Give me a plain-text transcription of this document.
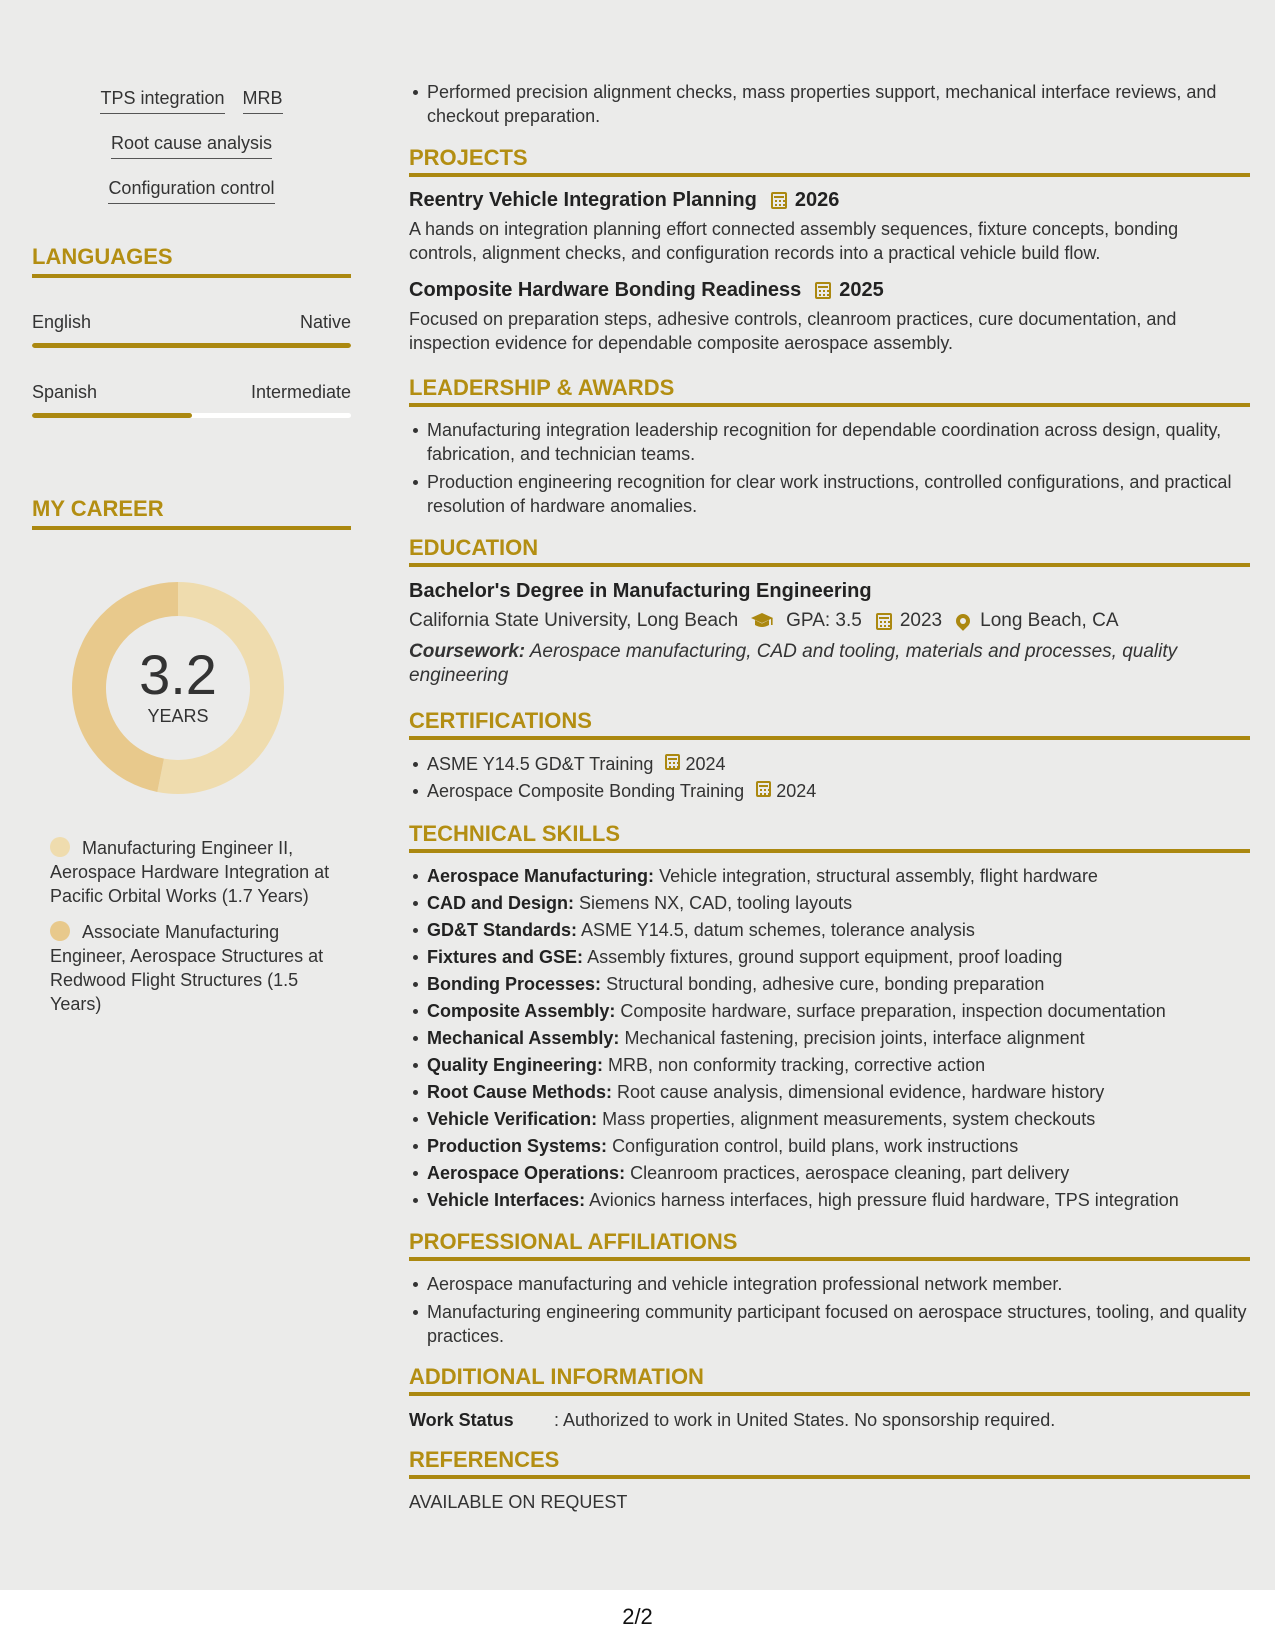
TPS integration MRB
Root cause analysis
Configuration control
LANGUAGES
English	Native
Spanish	Intermediate
MY CAREER
3.2
YEARS
Manufacturing Engineer II, Aerospace Hardware Integration at Pacific Orbital Works (1.7 Years)
Associate Manufacturing Engineer, Aerospace Structures at Redwood Flight Structures (1.5 Years)
Performed precision alignment checks, mass properties support, mechanical interface reviews, and checkout preparation.
PROJECTS
Reentry Vehicle Integration Planning 2026
A hands on integration planning effort connected assembly sequences, fixture concepts, bonding controls, alignment checks, and configuration records into a practical vehicle build flow.
Composite Hardware Bonding Readiness 2025
Focused on preparation steps, adhesive controls, cleanroom practices, cure documentation, and inspection evidence for dependable composite aerospace assembly.
LEADERSHIP & AWARDS
Manufacturing integration leadership recognition for dependable coordination across design, quality, fabrication, and technician teams.
Production engineering recognition for clear work instructions, controlled configurations, and practical resolution of hardware anomalies.
EDUCATION
Bachelor's Degree in Manufacturing Engineering
California State University, Long Beach	GPA: 3.5 2023 Long Beach, CA
Coursework: Aerospace manufacturing, CAD and tooling, materials and processes, quality engineering
CERTIFICATIONS
ASME Y14.5 GD&T Training 2024
Aerospace Composite Bonding Training 2024
TECHNICAL SKILLS
Aerospace Manufacturing: Vehicle integration, structural assembly, flight hardware
CAD and Design: Siemens NX, CAD, tooling layouts
GD&T Standards: ASME Y14.5, datum schemes, tolerance analysis
Fixtures and GSE: Assembly fixtures, ground support equipment, proof loading
Bonding Processes: Structural bonding, adhesive cure, bonding preparation
Composite Assembly: Composite hardware, surface preparation, inspection documentation
Mechanical Assembly: Mechanical fastening, precision joints, interface alignment
Quality Engineering: MRB, non conformity tracking, corrective action
Root Cause Methods: Root cause analysis, dimensional evidence, hardware history
Vehicle Verification: Mass properties, alignment measurements, system checkouts
Production Systems: Configuration control, build plans, work instructions
Aerospace Operations: Cleanroom practices, aerospace cleaning, part delivery
Vehicle Interfaces: Avionics harness interfaces, high pressure fluid hardware, TPS integration
PROFESSIONAL AFFILIATIONS
Aerospace manufacturing and vehicle integration professional network member.
Manufacturing engineering community participant focused on aerospace structures, tooling, and quality practices.
ADDITIONAL INFORMATION
Work Status	: Authorized to work in United States. No sponsorship required.
REFERENCES
AVAILABLE ON REQUEST
2/2
